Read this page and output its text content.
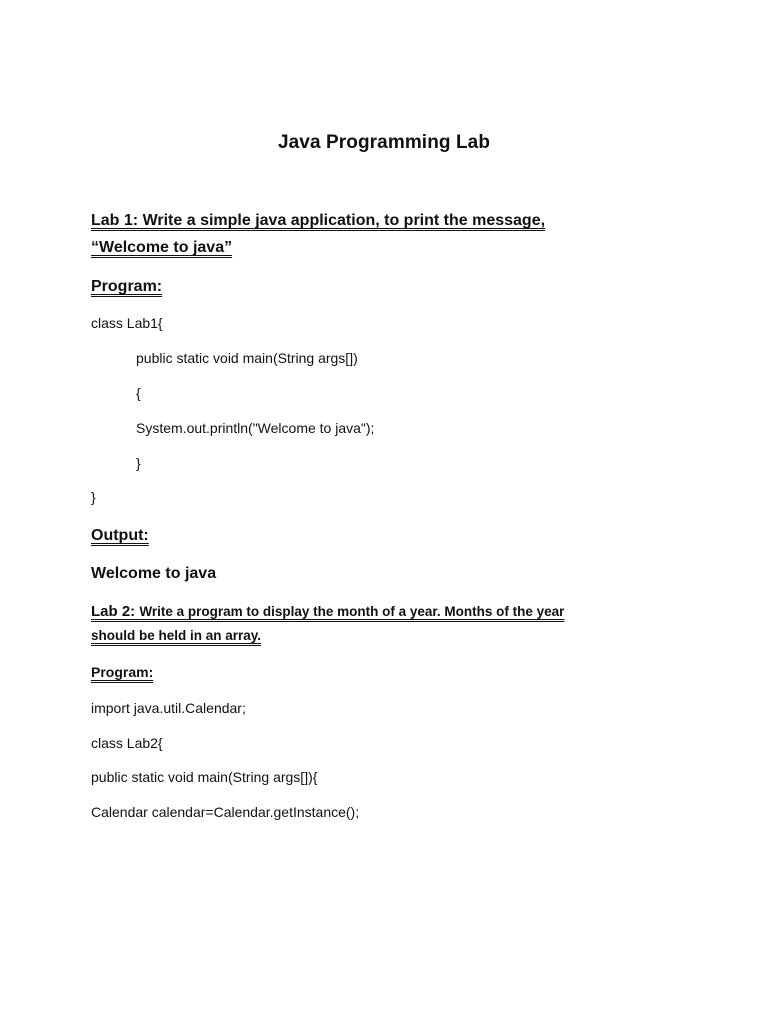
Java Programming Lab
Lab 1: Write a simple java application, to print the message,
“Welcome to java”
Program:
class Lab1{
public static void main(String args[])
{
System.out.println("Welcome to java");
}
}
Output:
Welcome to java
Lab 2: Write a program to display the month of a year. Months of the year
should be held in an array.
Program:
import java.util.Calendar;
class Lab2{
public static void main(String args[]){
Calendar calendar=Calendar.getInstance();
